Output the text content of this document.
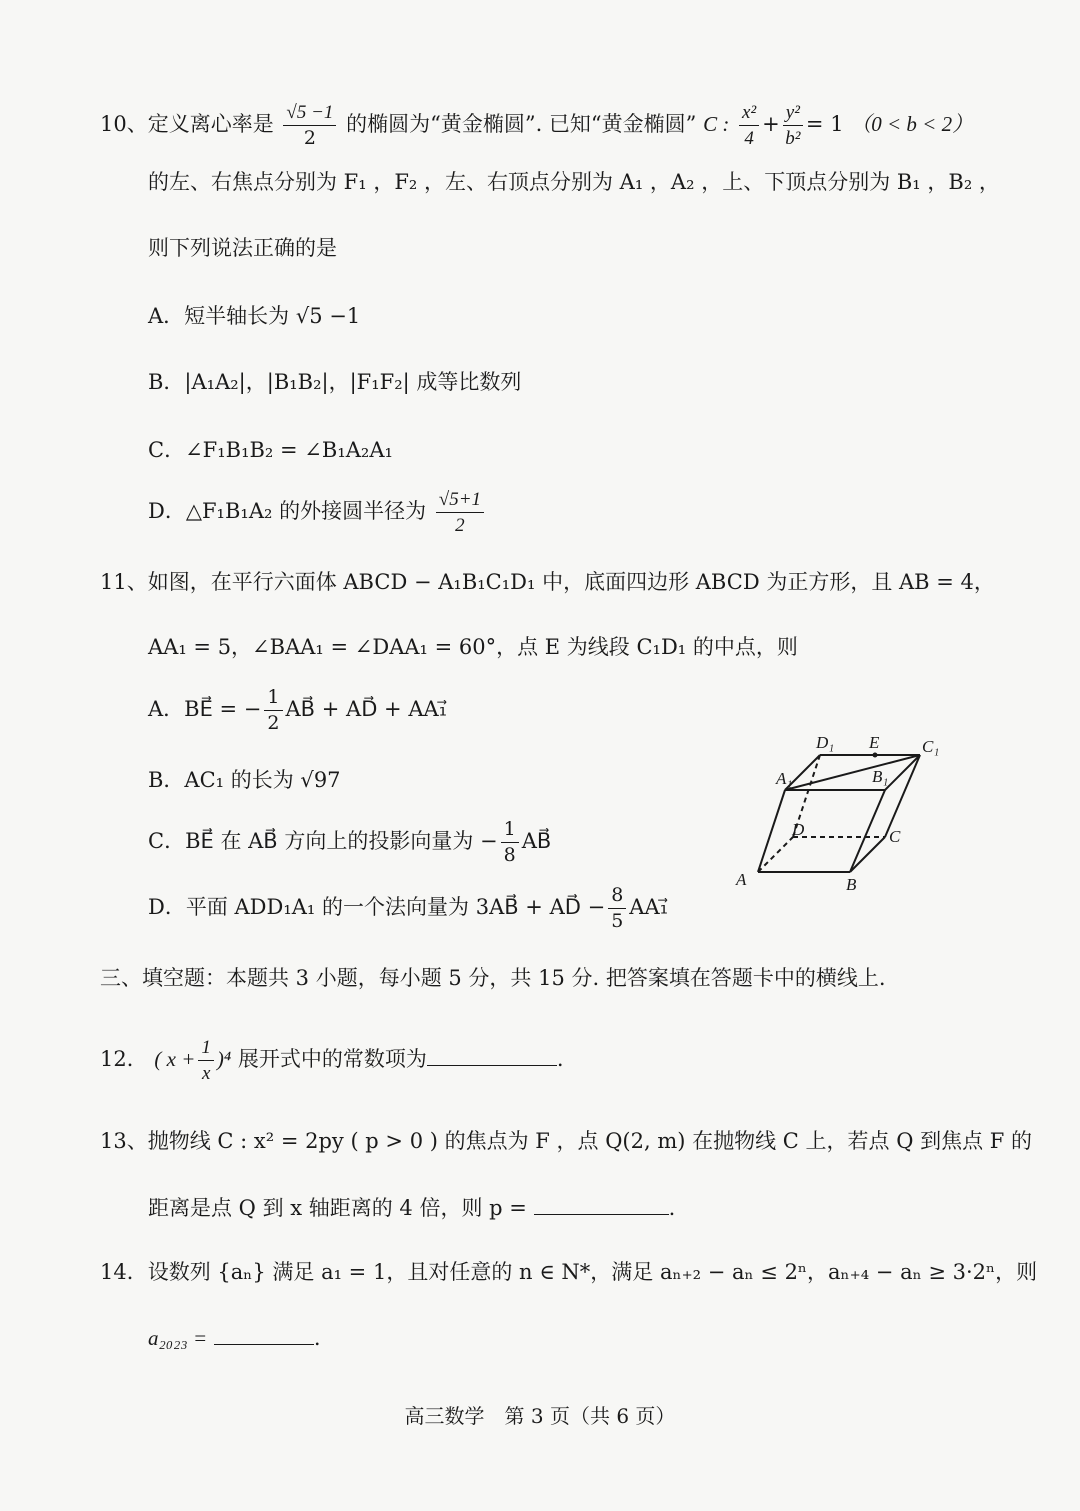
10、定义离心率是 $\frac{√5 -1}{2}$ 的椭圆为“黄金椭圆”. 已知“黄金椭圆” C : $\frac{\text{x²}}{4} + \frac{\text{y²}}{\text{b²}} = 1$ （0 < b < 2）
的左、右焦点分别为 F₁ ，F₂ ，左、右顶点分别为 A₁ ，A₂ ，上、下顶点分别为 B₁ ，B₂ ，
则下列说法正确的是
A．短半轴长为 √5 −1
B．|A₁A₂|，|B₁B₂|，|F₁F₂| 成等比数列
C．∠F₁B₁B₂ = ∠B₁A₂A₁
D．△F₁B₁A₂ 的外接圆半径为 $\frac{√5+1}{2}$
11、如图，在平行六面体 ABCD − A₁B₁C₁D₁ 中，底面四边形 ABCD 为正方形，且 AB = 4，
AA₁ = 5，∠BAA₁ = ∠DAA₁ = 60°，点 E 为线段 C₁D₁ 的中点，则
A．BE⃗ = − $\frac{1}{2}$ AB⃗ + AD⃗ + AA₁⃗
B．AC₁ 的长为 √97
C．BE⃗ 在 AB⃗ 方向上的投影向量为 − $\frac{1}{8}$ AB⃗
D．平面 ADD₁A₁ 的一个法向量为 3AB⃗ + AD⃗ − $\frac{8}{5}$ AA₁⃗
D₁ E	C₁
A₁	B₁
D	C
A	B
三、填空题：本题共 3 小题，每小题 5 分，共 15 分. 把答案填在答题卡中的横线上.
12． ( $x + \frac{1}{x} )^4$ 展开式中的常数项为	.
13、抛物线 C : x² = 2py ( p > 0 ) 的焦点为 F ，点 Q(2, m) 在抛物线 C 上，若点 Q 到焦点 F 的
距离是点 Q 到 x 轴距离的 4 倍，则 p =	.
14．设数列 {aₙ} 满足 a₁ = 1，且对任意的 n ∈ N*，满足 aₙ₊₂ − aₙ ≤ 2ⁿ，aₙ₊₄ − aₙ ≥ 3·2ⁿ，则
a₂₀₂₃ =	.
高三数学　第 3 页（共 6 页）
